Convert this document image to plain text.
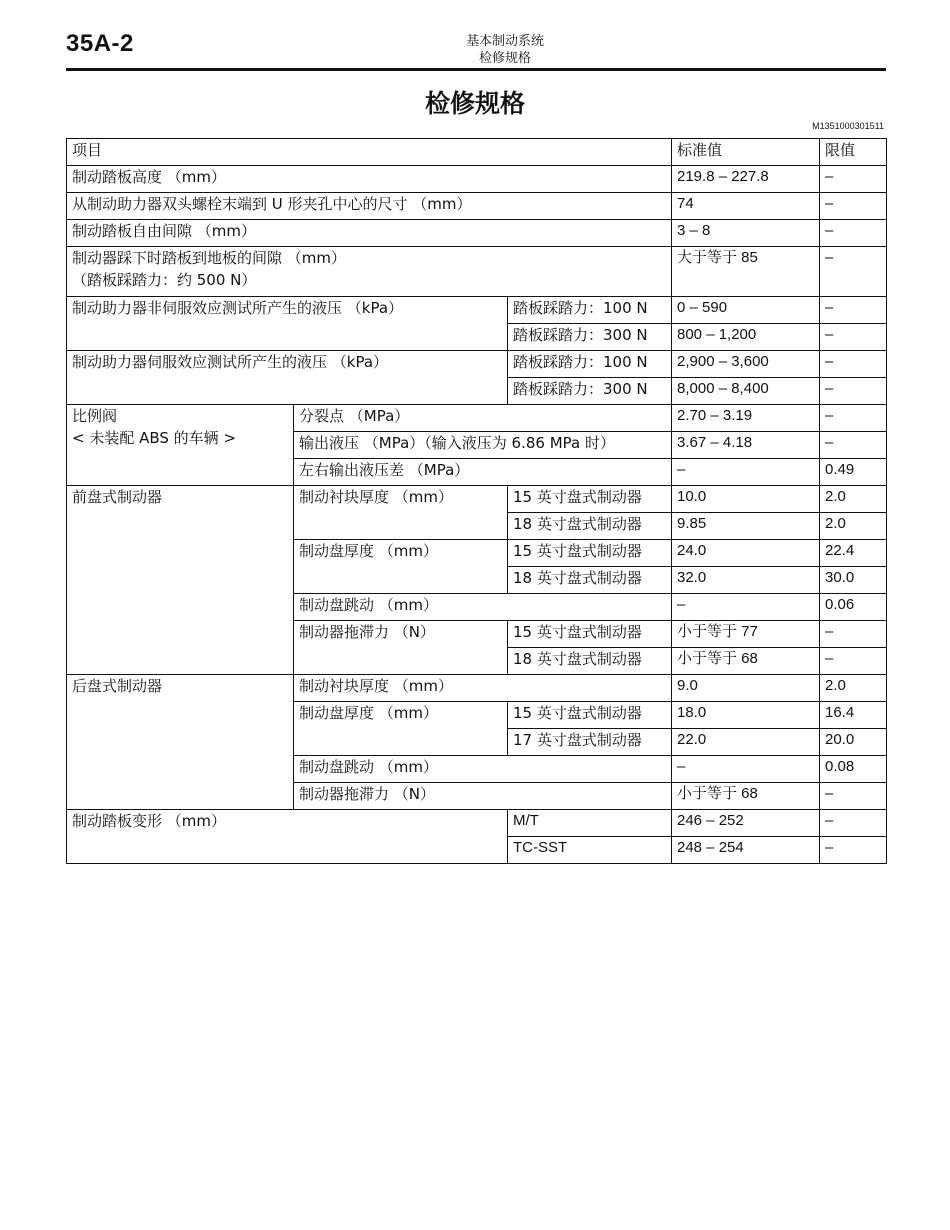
35A-2	基本制动系统
检修规格
检修规格
M1351000301511
项目			标准值	限值
制动踏板高度 （mm）			219.8 – 227.8	–
从制动助力器双头螺栓末端到 U 形夹孔中心的尺寸 （mm）			74	–
制动踏板自由间隙 （mm）			3 – 8	–

制动器踩下时踏板到地板的间隙 （mm）
（踏板踩踏力：约 500 N）			大于等于 85	–
制动助力器非伺服效应测试所产生的液压 （kPa）		踏板踩踏力：100 N	0 – 590	–
		踏板踩踏力：300 N	800 – 1,200	–
制动助力器伺服效应测试所产生的液压 （kPa）		踏板踩踏力：100 N	2,900 – 3,600	–
		踏板踩踏力：300 N	8,000 – 8,400	–

比例阀
< 未装配 ABS 的车辆 >	分裂点 （MPa）		2.70 – 3.19	–
	输出液压 （MPa）（输入液压为 6.86 MPa 时）		3.67 – 4.18	–
	左右输出液压差 （MPa）		–	0.49
前盘式制动器	制动衬块厚度 （mm）	15 英寸盘式制动器	10.0	2.0
		18 英寸盘式制动器	9.85	2.0
	制动盘厚度 （mm）	15 英寸盘式制动器	24.0	22.4
		18 英寸盘式制动器	32.0	30.0
	制动盘跳动 （mm）		–	0.06
	制动器拖滞力 （N）	15 英寸盘式制动器	小于等于 77	–
		18 英寸盘式制动器	小于等于 68	–
后盘式制动器	制动衬块厚度 （mm）		9.0	2.0
	制动盘厚度 （mm）	15 英寸盘式制动器	18.0	16.4
		17 英寸盘式制动器	22.0	20.0
	制动盘跳动 （mm）		–	0.08
	制动器拖滞力 （N）		小于等于 68	–
制动踏板变形 （mm）		M/T	246 – 252	–
		TC-SST	248 – 254	–
